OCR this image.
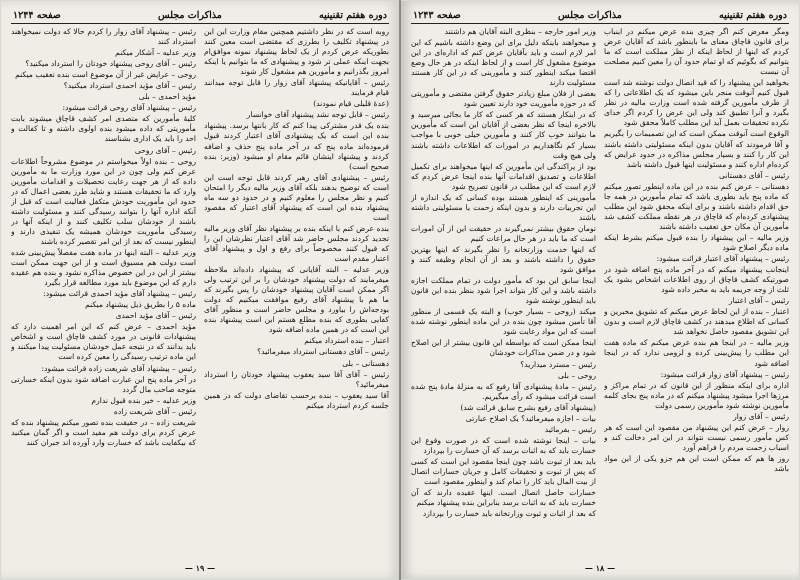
دوره هفتم تقنینیه
مذاکرات مجلس
صفحه ۱۲۴۴

روبه است که در نظر داشتیم همچنین مقام وزارت این این در پیشنهاد تکلیف را بطرزی که مقتضی است معین کنند بطوریکه عرض کردم از یک لحاظ پیشنهاد نمونه موافق‌ام بجهت اینکه عملی تر شود و پیشنهادی که ما بتوانیم یا اینکه امروز بگذرانیم و مأمورین هم مشغول کار شوند

رئیس – آقایانیکه پیشنهاد آقای زوار را قابل توجه میدانند قیام فرمایند

(عدۀ قلیلی قیام نمودند)

رئیس – قابل توجه نشد پیشنهاد آقای خوانسار

بنده یک قدر مشترکی پیدا کنم که کار بانتها برسد. پیشنهاد بنده این است که یک پیشنهادی آقای اعتبار کردند قبول فرموده‌اند ماده پنج که در آخر ماده پنج حذف و اضافه کردند و پیشنهاد اینشان قائم مقام او میشود (وزیر: بنده صحیح است)

رئیس – پیشنهادی آقای رهبر کردند قابل توجه است این است که توضیح بدهند بلکه آقای وزیر مالیه دیگر را امتحان کنیم و نظر مجلس را معلوم کنیم و در حدود دو سه ماه پیشنهاد بنده این است که پیشنهاد آقای اعتبار که مقصود است

بنده عرض کنم با اینکه بنده بر پیشنهاد نظر آقای وزیر مالیه تجدید کردند مجلس حاضر شد آقای اعتبار نظرشان این را که قبول کنند مخصوصاً برای رفع و اول و پیشنهاد آقای اعتبار مقدم است

وزیر عدلیه – البته آقایانی که پیشنهاد داده‌اند ملاحظه میفرمایند که دولت پیشنهاد خودشان را بر این ترتیب ولی اگر ممکن است آقایان پیشنهاد خودشان را پس بگیرند که ما هم با پیشنهاد آقای رفیع موافقت میکنیم که دولت بودجه‌اش را بیاورد و مجلس حاضر است و منظور آقای کفایی بطوری که بنده مطلع هستم این است پیشنهاد بنده این است که در همین ماده اضافه شود

اعتبار – بنده استرداد میکنم

رئیس – آقای دهستانی استرداد میفرمائید؟

دهستانی – بلی

رئیس – آقای آقا سید یعقوب پیشنهاد خودتان را استرداد میفرمائید؟

آقا سید یعقوب – بنده برحسب تقاضای دولت که در همین جلسه کردم استرداد میکنم

رئیس – پیشنهاد آقای زوار را کردم حالا که دولت نمیخواهند استرداد کنند

وزیر عدلیه – آشکار میکنم

رئیس – آقای روحی پیشنهاد خودتان را استرداد میکنید؟

روحی – عرایض غیر از آن موضوع است بنده تعقیب میکنم

رئیس – آقای مؤید احمدی استرداد میکنید؟

مؤید احمدی – بلی

رئیس – پیشنهاد آقای روحی قرائت میشود:

کلیۀ مأمورین که متصدی امر کشف قاچاق میشوند بابت مأموریتی که داده میشود بنده اولوی داشته و تا کفالت و احد را باید یک اداری بشناسند

رئیس – آقای روحی

روحی – بنده اولاً میخواستم در موضوع مشروحاً اطلاعات عرض کنم ولی چون در این مورد وزارت ما به مأمورین داده که از هر جهت رعایت تحصیلات و اقدامات مأمورین وارد که ما تحقیقات هستند و شاید طرز بعضی اعمال که در حدود این مأموریت خودش متکفل فعالیت است که قبل از آنکه اداره آنها را بتوانند رسیدگی کنند و مسئولیت داشته باشند از خودشان سلب تکلیف کنند و از اینکه آنها در رسیدگی مأموریت خودشان همیشه یک تنفیذی دارند و اینطور نیست که بعد از این امر تقصیر کرده باشند

وزیر عدلیه – البته اینها در ماده هفت مفصلاً پیش‌بینی شده است دولت هم مسبوق است و از این جهت ممکن است بیشتر از این در این خصوص مذاکره نشود و بنده هم عقیده دارم که این موضوع باید مورد مطالعه قرار بگیرد

رئیس – پیشنهاد آقای مؤید احمدی قرائت میشود:

ماده ۵ را بطریق ذیل پیشنهاد میکنم

رئیس – آقای مؤید احمدی

مؤید احمدی – عرض کنم که این امر اهمیت دارد که پیشنهادات قانونی در مورد کشف قاچاق است و اشخاص باید بدانند که در نتیجه عمل خودشان مسئولیت پیدا میکنند و این ماده ترتیب رسیدگی را معین کرده است

رئیس – پیشنهاد آقای شریعت زاده قرائت میشود:

در آخر ماده پنج این عبارت اضافه شود بدون اینکه خسارتی متوجه صاحب مال گردد

وزیر عدلیه – خیر بنده قبول ندارم

رئیس – آقای شریعت زاده

شریعت زاده – در حقیقت بنده تصور میکنم پیشنهاد بنده که عرض کردم برای دولت هم مفید است و اگر گمان میکنید که بیکفایت باشد که خسارت وارد آورده اند جبران کنند

— ۱۹ —
دوره هفتم تقنینیه
مذاکرات مجلس
صفحه ۱۲۴۳

ومگر معرض کنم اگر چیزی بنده عرض میکنم در اینباب برای قانون قاچاق معنای ما باینطور باشد که آقایان عرض کردم که اینها از لحاظ اینکه از نظر مملکت است که ما بتوانیم که بگوئیم که او تمام حدود آن را معین کنیم مصلحت آن نیست

بخواهید این پیشنهاد را که قید اتصال دولت نوشته شد است قبول کنیم آنوقت منجر باین میشود که یک اطلاعاتی را که از طرف مأمورین گرفته شده است وزارت مالیه در نظر بگیرد و آنرا تطبیق کند ولی این عرض را کردم اگر خدای نکرده تحقیقات بعمل آید این مطلب کاملاً محقق شود

الوقوع است آنوقت ممکن است که این تصمیمات را بگیریم و آقا فرمودند که آقایان بدون اینکه مسئولیتی داشته باشند این کار را کنند و بسیار مجلس مذاکره در حدود عرایض که کرده‌ام اداره کنند و مسئولیت اینها قبول داشته باشد

رئیس – آقای دهستانی

دهستانی – عرض کنم بنده در این ماده اینطور تصور میکنم که ماده پنج باید بطوری باشد که تمام مأمورین در همه جا حق اقدام داشته باشند و برای اینکه محقق شود این مطلب پیشنهادی کرده‌ام که قاچاق در هر نقطه مملکت کشف شد مأمورین آن مکان حق تعقیب داشته باشند

وزیر مالیه – این پیشنهاد را بنده قبول میکنم بشرط اینکه ماده دیگر اصلاح شود

رئیس – پیشنهاد آقای اعتبار قرائت میشود:

اینجانب پیشنهاد میکنم که در آخر ماده پنج اضافه شود در صورتیکه کشف قاچاق از روی اطلاعات اشخاص بشود یک ثلث از وجه جریمه باید به مخبر داده شود

رئیس – آقای اعتبار

اعتبار – بنده از این لحاظ عرض میکنم که تشویق مخبرین و کسانی که اطلاع میدهند در کشف قاچاق لازم است و بدون این تشویق مقصود حاصل نخواهد شد

وزیر مالیه – در اینجا هم بنده عرض میکنم که ماده هفت این مطلب را پیش‌بینی کرده و لزومی ندارد که در اینجا اضافه شود

رئیس – پیشنهاد آقای زوار قرائت میشود:

اداره برای اینکه منظور از این قانون که در تمام مراکز و مرزها اجرا میشود پیشنهاد میکنم که در ماده پنج بجای کلمه مأمورین نوشته شود مأمورین رسمی دولت

رئیس – آقای زوار

زوار – عرض کنم این پیشنهاد من مقصود این است که هر کس مأمور رسمی نیست نتواند در این امر دخالت کند و اسباب زحمت مردم را فراهم آورد

روز ها هم که ممکن است این هم جزو یکی از این مواد باشد

وزیر امور خارجه – بنظری البته آقایان هم داشتند

و میخواهند باینکه دلیل برای این وضع داشته باشیم که این امر لازم است و باید بآقایان عرض کنم که اداره‌ای در این موضوع مشغول کار است و از لحاظ اینکه در هر حال وضع اقتضا میکند اینطور کنند و مأمورینی که در این کار هستند مسئولیت دارند

بعضی از فلان مبلغ زیادتر حقوق گرفتن مقتضی و مأموریتی که در حوزه مأموریت خود دارند تعیین شود

که در اینکار هستند که هر کسی که کار ما بجائی میرسید و بالاخره اینجا که نظر بعضی از آقایان این است که مأمورین ما بتوانند خوب کار کنند و مأمورین خیلی خوبی با مواجب بسیار کم نگاهداریم در امورات که اطلاعات داشته باشند ولی هیچ وقت

بود از پراکندگی این مأمورین که اینها میخواهند برای تکمیل اطلاعات و تصدیق اقدامات آنها بنده اینجا عرض کردم که لازم است که این مطلب در قانون تصریح شود

مأمورینی که اینطور هستند بوده کسانی که یک اندازه از این تجربیات دارند و بدون اینکه زحمت یا مسئولیتی داشته باشند

تومان حقوق بیشتر نمی‌گیرند در حقیقت این از آن امورات است که ما باید در هر حال مراعات کنیم

که اینها خدمت وزارتخانه را نظر بگیرند که اینها بهترین حقوق را داشته باشند و بعد از آن انجام وظیفه کنند و موافق شود

اینجا سابق این بود که مأمور دولت در تمام مملکت اجازه داشته باشد و این کار بتواند اجرا شود بنظر بنده این قانون باید اینطور نوشته شود

میکند (روحی – بسیار خوب) و البته یک قسمی از منظور آقا تأمین میشود چون بنده در این ماده اینطور نوشته شده است که این مواد رعایت شود

اینجا ممکن است که بواسطه این قانون بیشتر از این اصلاح شود و در ضمن مذاکرات خودشان

رئیس – مسترد میدارید؟

روحی – بلی

رئیس – مادۀ پیشنهادی آقا رفیع که به منزلۀ مادۀ پنج شده است قرائت میشود که رأی میگیریم.

(پیشنهاد آقای رفیع بشرح سابق قرائت شد)

بیات – اجازه میفرمائید؟ یک اصلاح عبارتی

رئیس – بفرمائید

بیات – اینجا نوشته شده است که در صورت وقوع این خسارت باید که به اثبات برسد که آن خسارت را بپردازد

باید بعد از ثبوت باشد چون اینجا مقصود این است که کسی که پس از ثبوت و تحقیقات کامل و جریان خسارات اتصال از بیت المال باید کار را تمام کند و اینطور مقصود است

خسارات حاصل اتصال است. اینها عقیده دارند که آن خسارت باید که به اثبات برسد بنابراین بنده پیشنهاد میکنم

که بعد از اثبات و ثبوت وزارتخانه باید خسارت را بپردازد

— ۱۸ —
